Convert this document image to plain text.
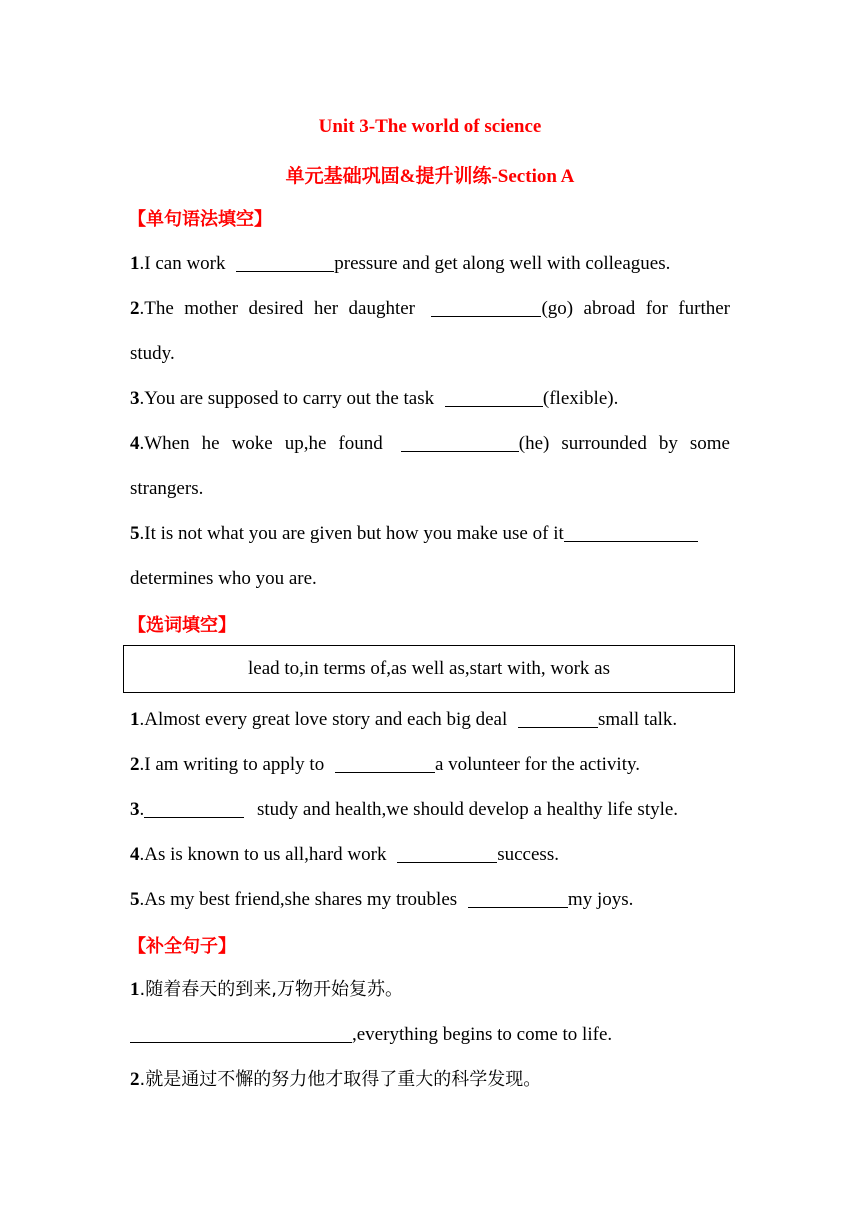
Unit 3-The world of science
单元基础巩固&提升训练-Section A
【单句语法填空】
1.I can work	pressure and get along well with colleagues.
2.The mother desired her daughter	(go) abroad for further
study.
3.You are supposed to carry out the task	(flexible).
4.When he woke up,he found	(he) surrounded by some
strangers.
5.It is not what you are given but how you make use of it
determines who you are.
【选词填空】
lead to,in terms of,as well as,start with, work as
1.Almost every great love story and each big deal	small talk.
2.I am writing to apply to	a volunteer for the activity.
3.	study and health,we should develop a healthy life style.
4.As is known to us all,hard work	success.
5.As my best friend,she shares my troubles	my joys.
【补全句子】
1.随着春天的到来,万物开始复苏。
,everything begins to come to life.
2.就是通过不懈的努力他才取得了重大的科学发现。
